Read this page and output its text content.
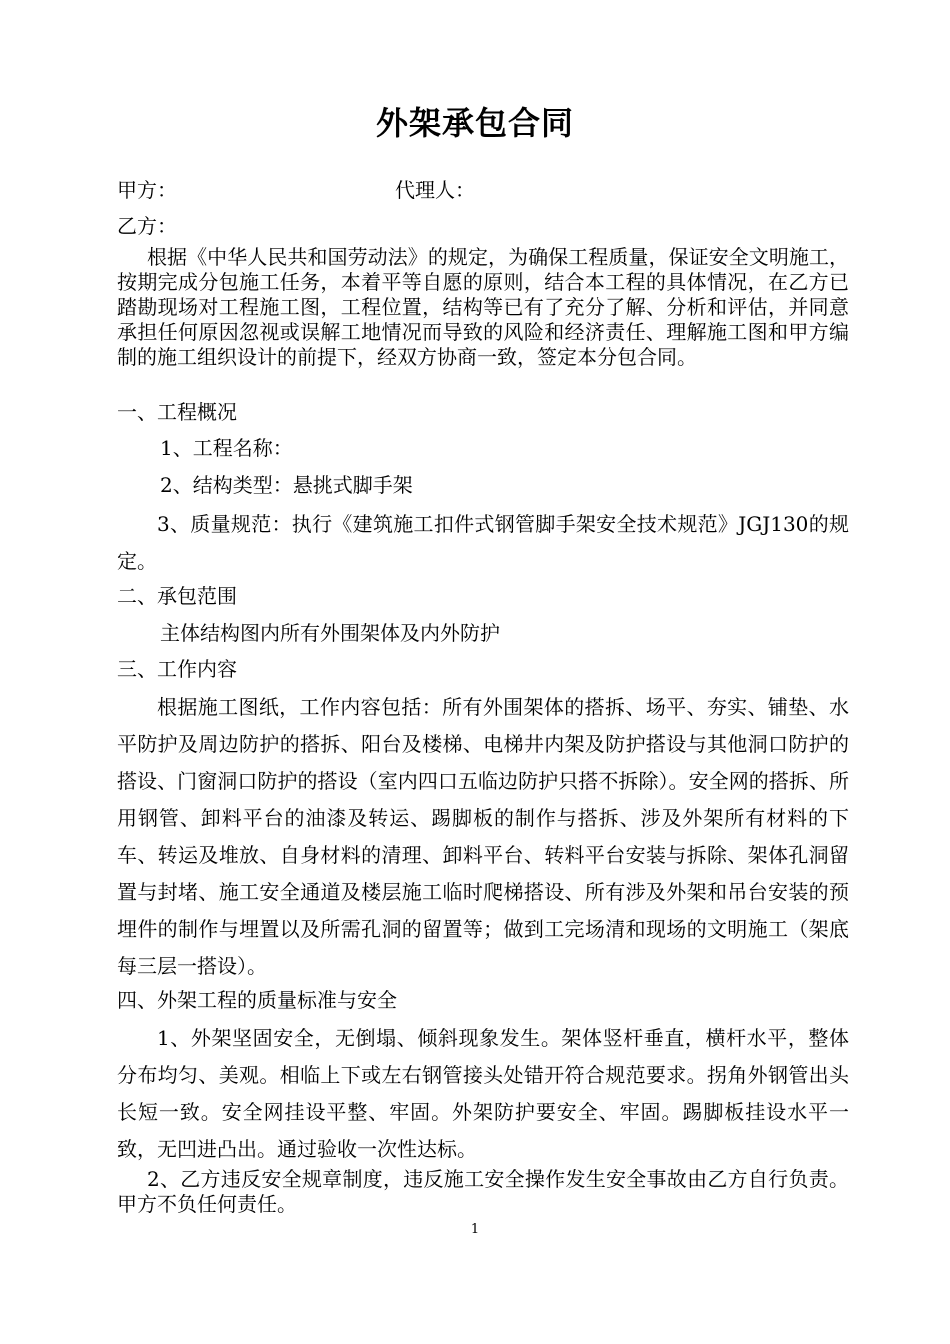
外架承包合同
甲方：	代理人：
乙方：

根据《中华人民共和国劳动法》的规定，为确保工程质量，保证安全文明施工，按期完成分包施工任务，本着平等自愿的原则，结合本工程的具体情况，在乙方已踏勘现场对工程施工图，工程位置，结构等已有了充分了解、分析和评估，并同意承担任何原因忽视或误解工地情况而导致的风险和经济责任、理解施工图和甲方编制的施工组织设计的前提下，经双方协商一致，签定本分包合同。

一、工程概况
1、工程名称：
2、结构类型：悬挑式脚手架

3、质量规范：执行《建筑施工扣件式钢管脚手架安全技术规范》JGJ130的规定。

二、承包范围
主体结构图内所有外围架体及内外防护
三、工作内容

根据施工图纸，工作内容包括：所有外围架体的搭拆、场平、夯实、铺垫、水平防护及周边防护的搭拆、阳台及楼梯、电梯井内架及防护搭设与其他洞口防护的搭设、门窗洞口防护的搭设（室内四口五临边防护只搭不拆除）。安全网的搭拆、所用钢管、卸料平台的油漆及转运、踢脚板的制作与搭拆、涉及外架所有材料的下车、转运及堆放、自身材料的清理、卸料平台、转料平台安装与拆除、架体孔洞留置与封堵、施工安全通道及楼层施工临时爬梯搭设、所有涉及外架和吊台安装的预埋件的制作与埋置以及所需孔洞的留置等；做到工完场清和现场的文明施工（架底每三层一搭设）。

四、外架工程的质量标准与安全

1、外架坚固安全，无倒塌、倾斜现象发生。架体竖杆垂直，横杆水平，整体分布均匀、美观。相临上下或左右钢管接头处错开符合规范要求。拐角外钢管出头长短一致。安全网挂设平整、牢固。外架防护要安全、牢固。踢脚板挂设水平一致，无凹进凸出。通过验收一次性达标。

2、乙方违反安全规章制度，违反施工安全操作发生安全事故由乙方自行负责。甲方不负任何责任。

1
